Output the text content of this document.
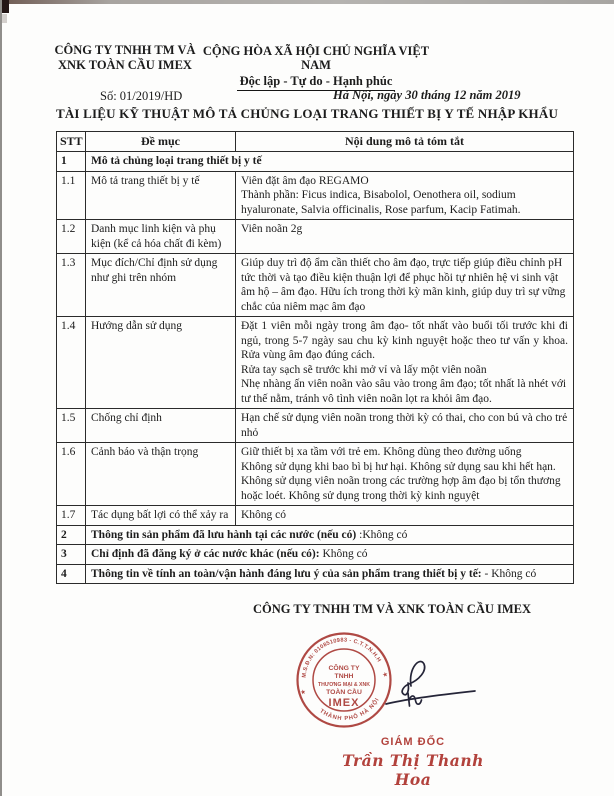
CÔNG TY TNHH TM VÀ
XNK TOÀN CẦU IMEX
CỘNG HÒA XÃ HỘI CHỦ NGHĨA VIỆT NAM
Độc lập - Tự do - Hạnh phúc
Số: 01/2019/HD	Hà Nội, ngày 30 tháng 12 năm 2019
TÀI LIỆU KỸ THUẬT MÔ TẢ CHỦNG LOẠI TRANG THIẾT BỊ Y TẾ NHẬP KHẨU
STT	Đề mục	Nội dung mô tả tóm tắt
1	Mô tả chủng loại trang thiết bị y tế	
1.1	Mô tả trang thiết bị y tế	Viên đặt âm đạo REGAMO
Thành phần: Ficus indica, Bisabolol, Oenothera oil, sodium hyaluronate, Salvia officinalis, Rose parfum, Kacip Fatimah.

1.2	Danh mục linh kiện và phụ kiện (kể cả hóa chất đi kèm)	Viên noãn 2g

1.3	Mục đích/Chỉ định sử dụng như ghi trên nhóm	Giúp duy trì độ ẩm cần thiết cho âm đạo, trực tiếp giúp điều chỉnh pH tức thời và tạo điều kiện thuận lợi để phục hồi tự nhiên hệ vi sinh vật âm hộ – âm đạo. Hữu ích trong thời kỳ mãn kinh, giúp duy trì sự vững chắc của niêm mạc âm đạo

1.4	Hướng dẫn sử dụng	Đặt 1 viên mỗi ngày trong âm đạo- tốt nhất vào buổi tối trước khi đi ngủ, trong 5-7 ngày sau chu kỳ kinh nguyệt hoặc theo tư vấn y khoa. Rửa vùng âm đạo đúng cách.
Rửa tay sạch sẽ trước khi mở vỉ và lấy một viên noãn
Nhẹ nhàng ấn viên noãn vào sâu vào trong âm đạo; tốt nhất là nhét với tư thế nằm, tránh vô tình viên noãn lọt ra khỏi âm đạo.

1.5	Chống chỉ định	Hạn chế sử dụng viên noãn trong thời kỳ có thai, cho con bú và cho trẻ nhỏ

1.6	Cảnh báo và thận trọng	Giữ thiết bị xa tầm với trẻ em. Không dùng theo đường uống
Không sử dụng khi bao bì bị hư hại. Không sử dụng sau khi hết hạn. Không sử dụng viên noãn trong các trường hợp âm đạo bị tổn thương hoặc loét. Không sử dụng trong thời kỳ kinh nguyệt

1.7	Tác dụng bất lợi có thể xảy ra	Không có

2	Thông tin sản phẩm đã lưu hành tại các nước (nếu có) :Không có	
3	Chỉ định đã đăng ký ở các nước khác (nếu có): Không có	
4	Thông tin về tính an toàn/vận hành đáng lưu ý của sản phẩm trang thiết bị y tế: - Không có	
CÔNG TY TNHH TM VÀ XNK TOÀN CẦU IMEX
M.S.Đ.N: 0108510983 - C.T.T.N.H.H
THÀNH PHỐ HÀ NỘI
★
★
CÔNG TY
TNHH
THƯƠNG MẠI & XNK
TOÀN CẦU
IMEX
GIÁM ĐỐC
Trần Thị Thanh Hoa
